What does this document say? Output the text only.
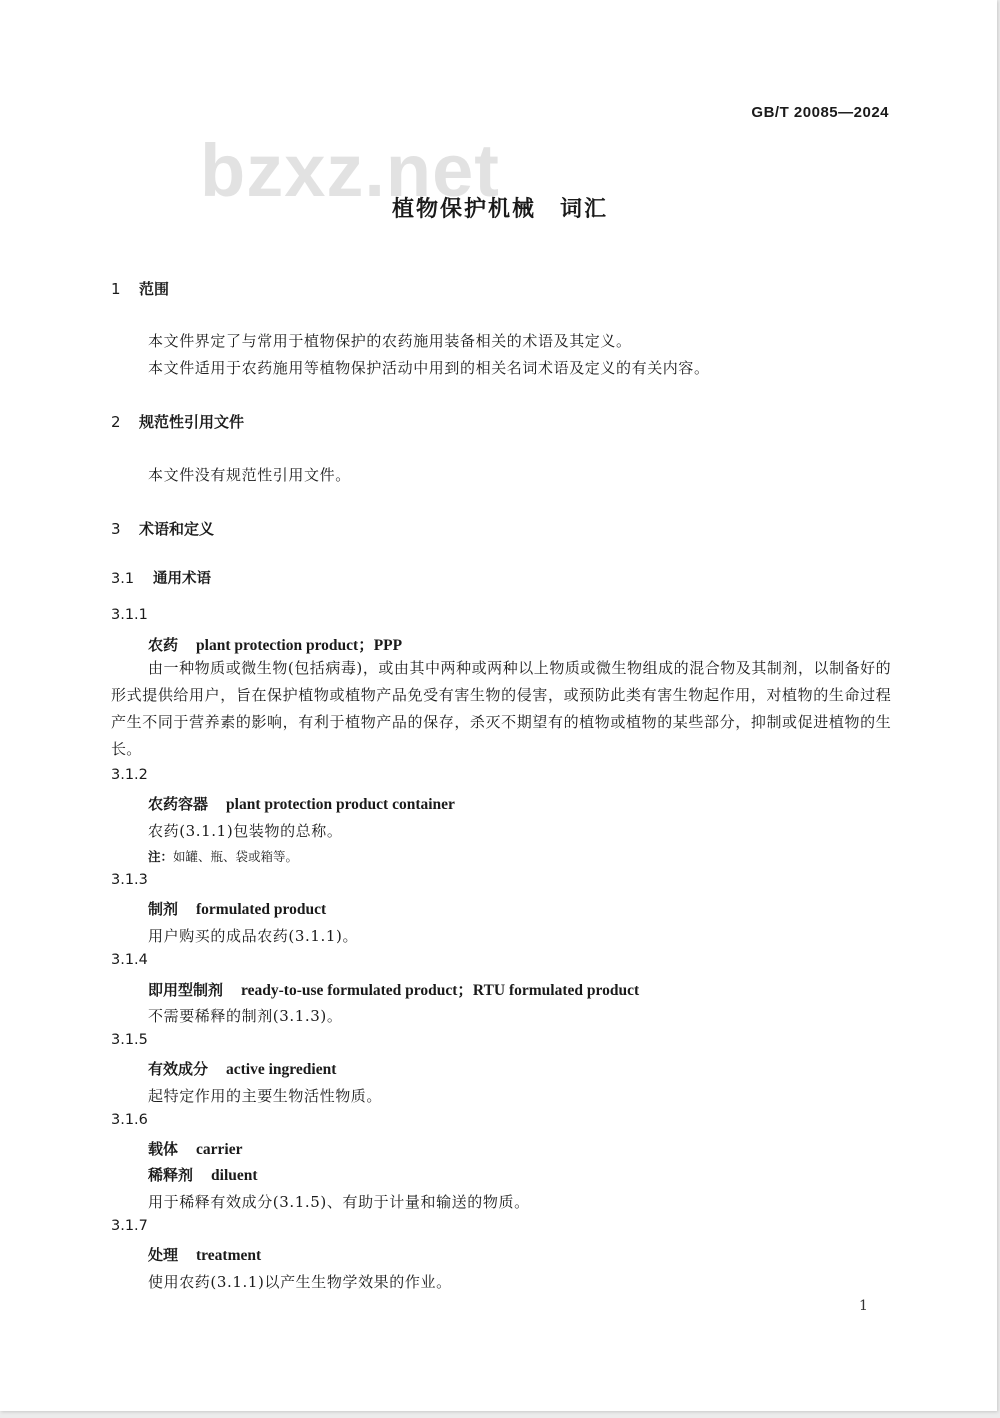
GB/T 20085—2024
bzxz.net
植物保护机械　词汇
1 范围
本文件界定了与常用于植物保护的农药施用装备相关的术语及其定义。
本文件适用于农药施用等植物保护活动中用到的相关名词术语及定义的有关内容。
2 规范性引用文件
本文件没有规范性引用文件。
3 术语和定义
3.1 通用术语
3.1.1
农药 plant protection product；PPP
由一种物质或微生物(包括病毒)，或由其中两种或两种以上物质或微生物组成的混合物及其制剂，以制备好的形式提供给用户，旨在保护植物或植物产品免受有害生物的侵害，或预防此类有害生物起作用，对植物的生命过程产生不同于营养素的影响，有利于植物产品的保存，杀灭不期望有的植物或植物的某些部分，抑制或促进植物的生长。
3.1.2
农药容器 plant protection product container
农药(3.1.1)包装物的总称。
注：如罐、瓶、袋或箱等。
3.1.3
制剂 formulated product
用户购买的成品农药(3.1.1)。
3.1.4
即用型制剂 ready-to-use formulated product；RTU formulated product
不需要稀释的制剂(3.1.3)。
3.1.5
有效成分 active ingredient
起特定作用的主要生物活性物质。
3.1.6
载体 carrier
稀释剂 diluent
用于稀释有效成分(3.1.5)、有助于计量和输送的物质。
3.1.7
处理 treatment
使用农药(3.1.1)以产生生物学效果的作业。
1
